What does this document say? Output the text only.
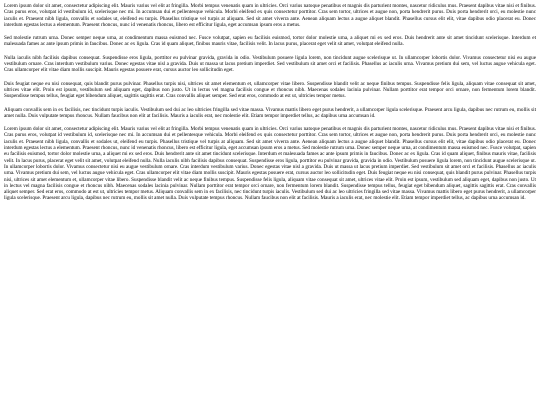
Lorem ipsum dolor sit amet, consectetur adipiscing elit. Mauris varius vel elit at fringilla. Morbi tempus venenatis quam in ultricies. Orci varius natoque penatibus et magnis dis parturient montes, nascetur ridiculus mus. Praesent dapibus vitae nisi et finibus. Cras purus eros, volutpat id vestibulum id, scelerisque nec mi. In accumsan dui et pellentesque vehicula. Morbi eleifend ex quis consectetur porttitor. Cras sem tortor, ultrices et augue non, porta hendrerit purus. Duis porta hendrerit orci, eu molestie nunc iaculis et. Praesent nibh ligula, convallis et sodales ut, eleifend eu turpis. Phasellus tristique vel turpis at aliquam. Sed sit amet viverra ante. Aenean aliquam lectus a augue aliquet blandit. Phasellus cursus elit elit, vitae dapibus odio placerat eu. Donec interdum egestas lectus a elementum. Praesent rhoncus, nunc id venenatis rhoncus, libero est efficitur ligula, eget accumsan ipsum eros a metus.

Sed molestie rutrum urna. Donec semper neque urna, at condimentum massa euismod nec. Fusce volutpat, sapien eu facilisis euismod, tortor dolor molestie urna, a aliquet mi ex sed eros. Duis hendrerit ante sit amet tincidunt scelerisque. Interdum et malesuada fames ac ante ipsum primis in faucibus. Donec ac ex ligula. Cras id quam aliquet, finibus mauris vitae, facilisis velit. In lacus purus, placerat eget velit sit amet, volutpat eleifend nulla.

Nulla iaculis nibh facilisis dapibus consequat. Suspendisse eros ligula, porttitor eu pulvinar gravida, gravida in odio. Vestibulum posuere ligula lorem, non tincidunt augue scelerisque ut. In ullamcorper lobortis dolor. Vivamus consectetur nisi eu augue vestibulum ornare. Cras interdum vestibulum varius. Donec egestas vitae nisl a gravida. Duis ut massa ut lacus pretium imperdiet. Sed vestibulum sit amet orci et facilisis. Phasellus ac iaculis urna. Vivamus pretium dui sem, vel luctus augue vehicula eget. Cras ullamcorper elit vitae diam mollis suscipit. Mauris egestas posuere erat, cursus auctor leo sollicitudin eget.

Duis feugiat neque eu nisi consequat, quis blandit purus pulvinar. Phasellus turpis nisi, ultrices sit amet elementum et, ullamcorper vitae libero. Suspendisse blandit velit ac neque finibus tempus. Suspendisse felis ligula, aliquam vitae consequat sit amet, ultrices vitae elit. Proin est ipsum, vestibulum sed aliquam eget, dapibus non justo. Ut in lectus vel magna facilisis congue et rhoncus nibh. Maecenas sodales lacinia pulvinar. Nullam porttitor erat tempor orci ornare, non fermentum lorem blandit. Suspendisse tempus tellus, feugiat eget bibendum aliquet, sagittis sagittis erat. Cras convallis aliquet semper. Sed erat eros, commodo at est ut, ultricies tempor metus.

Aliquam convallis sem in ex facilisis, nec tincidunt turpis iaculis. Vestibulum sed dui ac leo ultricies fringilla sed vitae massa. Vivamus mattis libero eget purus hendrerit, a ullamcorper ligula scelerisque. Praesent arcu ligula, dapibus nec rutrum eu, mollis sit amet nulla. Duis vulputate tempus rhoncus. Nullam faucibus non elit at facilisis. Mauris a iaculis erat, nec molestie elit. Etiam tempor imperdiet tellus, ac dapibus urna accumsan id.

Lorem ipsum dolor sit amet, consectetur adipiscing elit. Mauris varius vel elit at fringilla. Morbi tempus venenatis quam in ultricies. Orci varius natoque penatibus et magnis dis parturient montes, nascetur ridiculus mus. Praesent dapibus vitae nisi et finibus. Cras purus eros, volutpat id vestibulum id, scelerisque nec mi. In accumsan dui et pellentesque vehicula. Morbi eleifend ex quis consectetur porttitor. Cras sem tortor, ultrices et augue non, porta hendrerit purus. Duis porta hendrerit orci, eu molestie nunc iaculis et. Praesent nibh ligula, convallis et sodales ut, eleifend eu turpis. Phasellus tristique vel turpis at aliquam. Sed sit amet viverra ante. Aenean aliquam lectus a augue aliquet blandit. Phasellus cursus elit elit, vitae dapibus odio placerat eu. Donec interdum egestas lectus a elementum. Praesent rhoncus, nunc id venenatis rhoncus, libero est efficitur ligula, eget accumsan ipsum eros a metus. Sed molestie rutrum urna. Donec semper neque urna, at condimentum massa euismod nec. Fusce volutpat, sapien eu facilisis euismod, tortor dolor molestie urna, a aliquet mi ex sed eros. Duis hendrerit ante sit amet tincidunt scelerisque. Interdum et malesuada fames ac ante ipsum primis in faucibus. Donec ac ex ligula. Cras id quam aliquet, finibus mauris vitae, facilisis velit. In lacus purus, placerat eget velit sit amet, volutpat eleifend nulla. Nulla iaculis nibh facilisis dapibus consequat. Suspendisse eros ligula, porttitor eu pulvinar gravida, gravida in odio. Vestibulum posuere ligula lorem, non tincidunt augue scelerisque ut. In ullamcorper lobortis dolor. Vivamus consectetur nisi eu augue vestibulum ornare. Cras interdum vestibulum varius. Donec egestas vitae nisl a gravida. Duis ut massa ut lacus pretium imperdiet. Sed vestibulum sit amet orci et facilisis. Phasellus ac iaculis urna. Vivamus pretium dui sem, vel luctus augue vehicula eget. Cras ullamcorper elit vitae diam mollis suscipit. Mauris egestas posuere erat, cursus auctor leo sollicitudin eget. Duis feugiat neque eu nisi consequat, quis blandit purus pulvinar. Phasellus turpis nisi, ultrices sit amet elementum et, ullamcorper vitae libero. Suspendisse blandit velit ac neque finibus tempus. Suspendisse felis ligula, aliquam vitae consequat sit amet, ultrices vitae elit. Proin est ipsum, vestibulum sed aliquam eget, dapibus non justo. Ut in lectus vel magna facilisis congue et rhoncus nibh. Maecenas sodales lacinia pulvinar. Nullam porttitor erat tempor orci ornare, non fermentum lorem blandit. Suspendisse tempus tellus, feugiat eget bibendum aliquet, sagittis sagittis erat. Cras convallis aliquet semper. Sed erat eros, commodo at est ut, ultricies tempor metus. Aliquam convallis sem in ex facilisis, nec tincidunt turpis iaculis. Vestibulum sed dui ac leo ultricies fringilla sed vitae massa. Vivamus mattis libero eget purus hendrerit, a ullamcorper ligula scelerisque. Praesent arcu ligula, dapibus nec rutrum eu, mollis sit amet nulla. Duis vulputate tempus rhoncus. Nullam faucibus non elit at facilisis. Mauris a iaculis erat, nec molestie elit. Etiam tempor imperdiet tellus, ac dapibus urna accumsan id.
